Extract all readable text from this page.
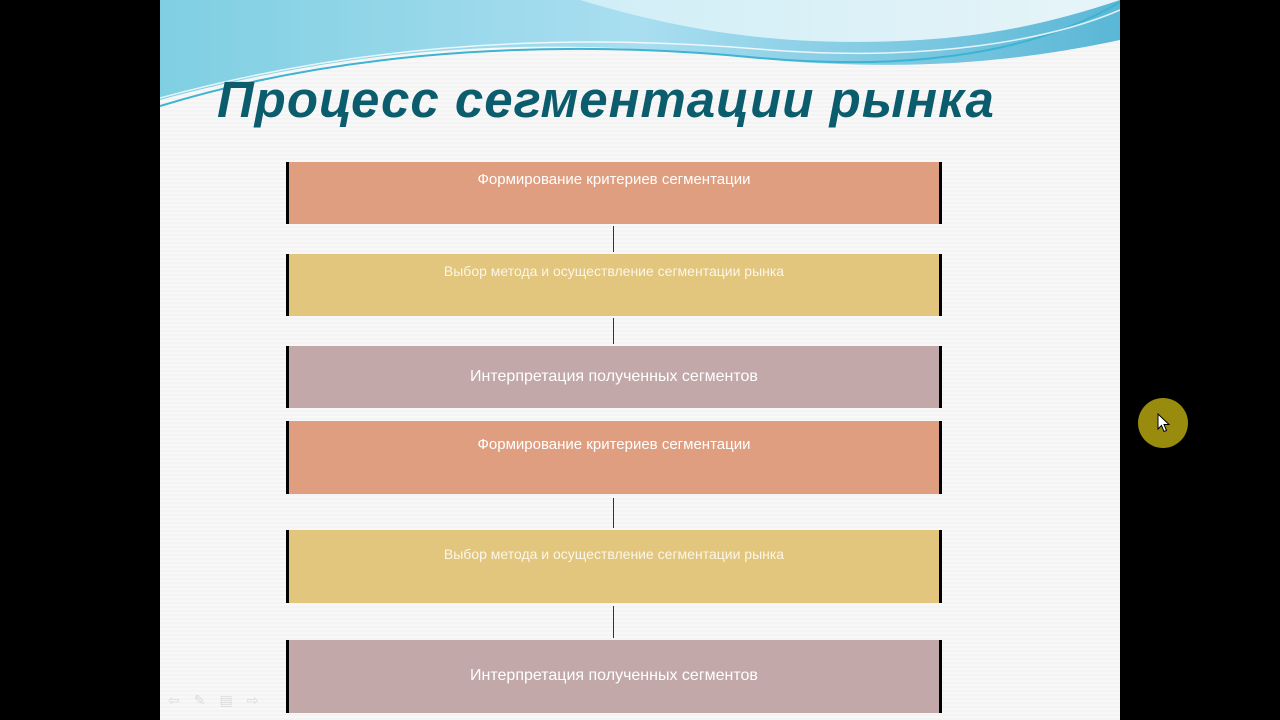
Процесс сегментации рынка
Формирование критериев сегментации
Выбор метода и осуществление сегментации рынка
Интерпретация полученных сегментов
Формирование критериев сегментации
Выбор метода и осуществление сегментации рынка
Интерпретация полученных сегментов
⇦ ✎ ▤ ⇨
